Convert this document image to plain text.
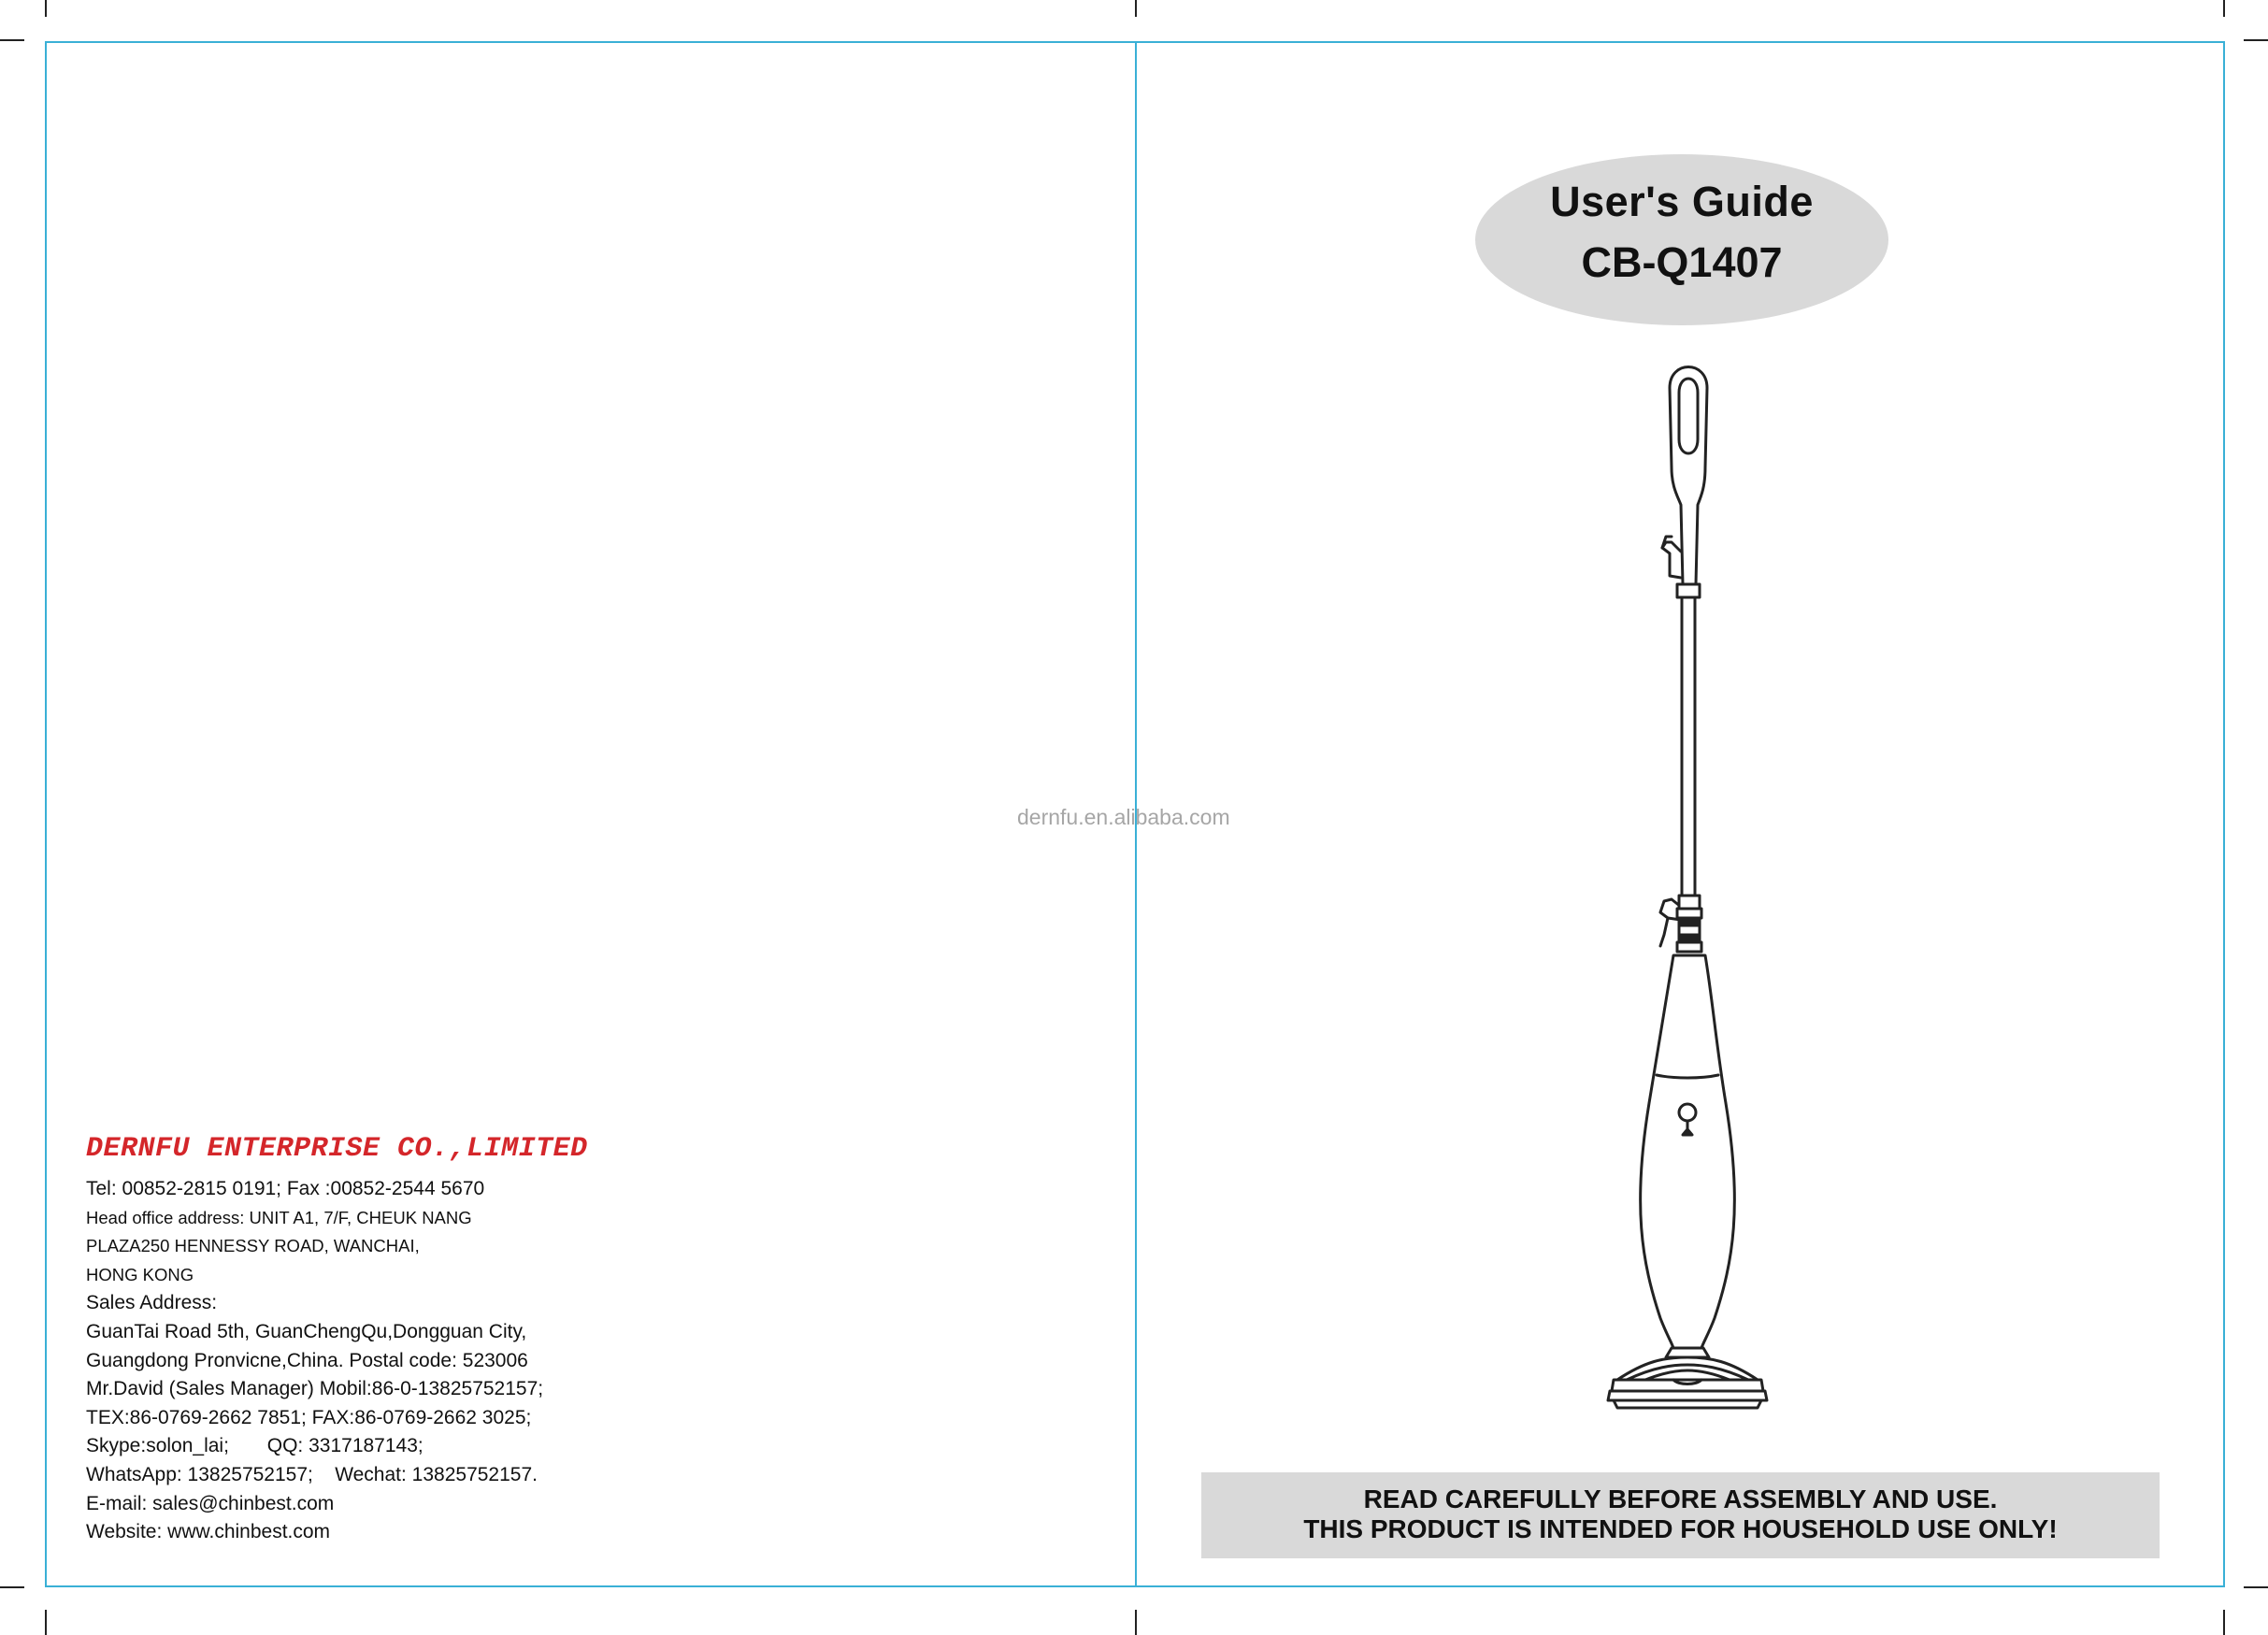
DERNFU ENTERPRISE CO.,LIMITED
Tel: 00852-2815 0191; Fax :00852-2544 5670
Head office address: UNIT A1, 7/F, CHEUK NANG
PLAZA250 HENNESSY ROAD, WANCHAI,
HONG KONG
Sales Address:
GuanTai Road 5th, GuanChengQu,Dongguan City,
Guangdong Pronvicne,China. Postal code: 523006
Mr.David (Sales Manager) Mobil:86-0-13825752157;
TEX:86-0769-2662 7851; FAX:86-0769-2662 3025;
Skype:solon_lai;       QQ: 3317187143;
WhatsApp: 13825752157;    Wechat: 13825752157.
E-mail: sales@chinbest.com
Website: www.chinbest.com
dernfu.en.alibaba.com
User's Guide
CB-Q1407
READ CAREFULLY BEFORE ASSEMBLY AND USE.
THIS PRODUCT IS INTENDED FOR HOUSEHOLD USE ONLY!
